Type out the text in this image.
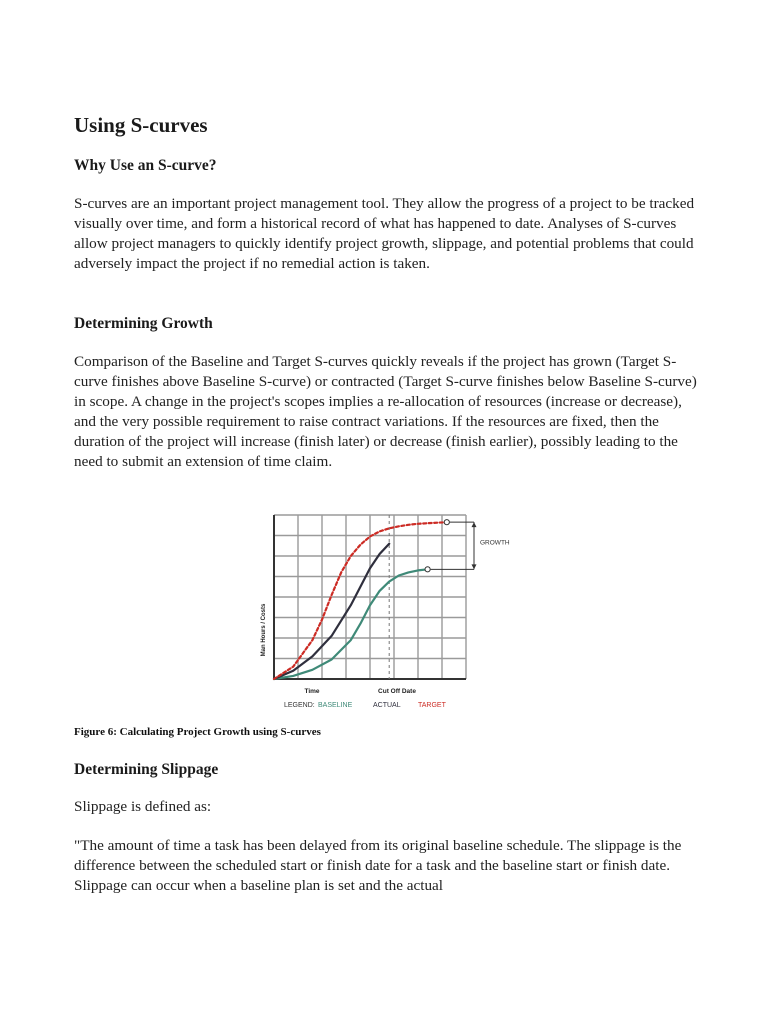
Using S-curves
Why Use an S-curve?

S-curves are an important project management tool. They allow the progress of a project to be tracked visually over time, and form a historical record of what has happened to date. Analyses of S-curves allow project managers to quickly identify project growth, slippage, and potential problems that could adversely impact the project if no remedial action is taken.

Determining Growth

Comparison of the Baseline and Target S-curves quickly reveals if the project has grown (Target S-curve finishes above Baseline S-curve) or contracted (Target S-curve finishes below Baseline S-curve) in scope. A change in the project's scopes implies a re-allocation of resources (increase or decrease), and the very possible requirement to raise contract variations. If the resources are fixed, then the duration of the project will increase (finish later) or decrease (finish earlier), possibly leading to the need to submit an extension of time claim.

GROWTH
Man Hours / Costs
Time	Cut Off Date
LEGEND: BASELINE	ACTUAL TARGET

Figure 6: Calculating Project Growth using S-curves

Determining Slippage

Slippage is defined as:

"The amount of time a task has been delayed from its original baseline schedule. The slippage is the difference between the scheduled start or finish date for a task and the baseline start or finish date. Slippage can occur when a baseline plan is set and the actual
